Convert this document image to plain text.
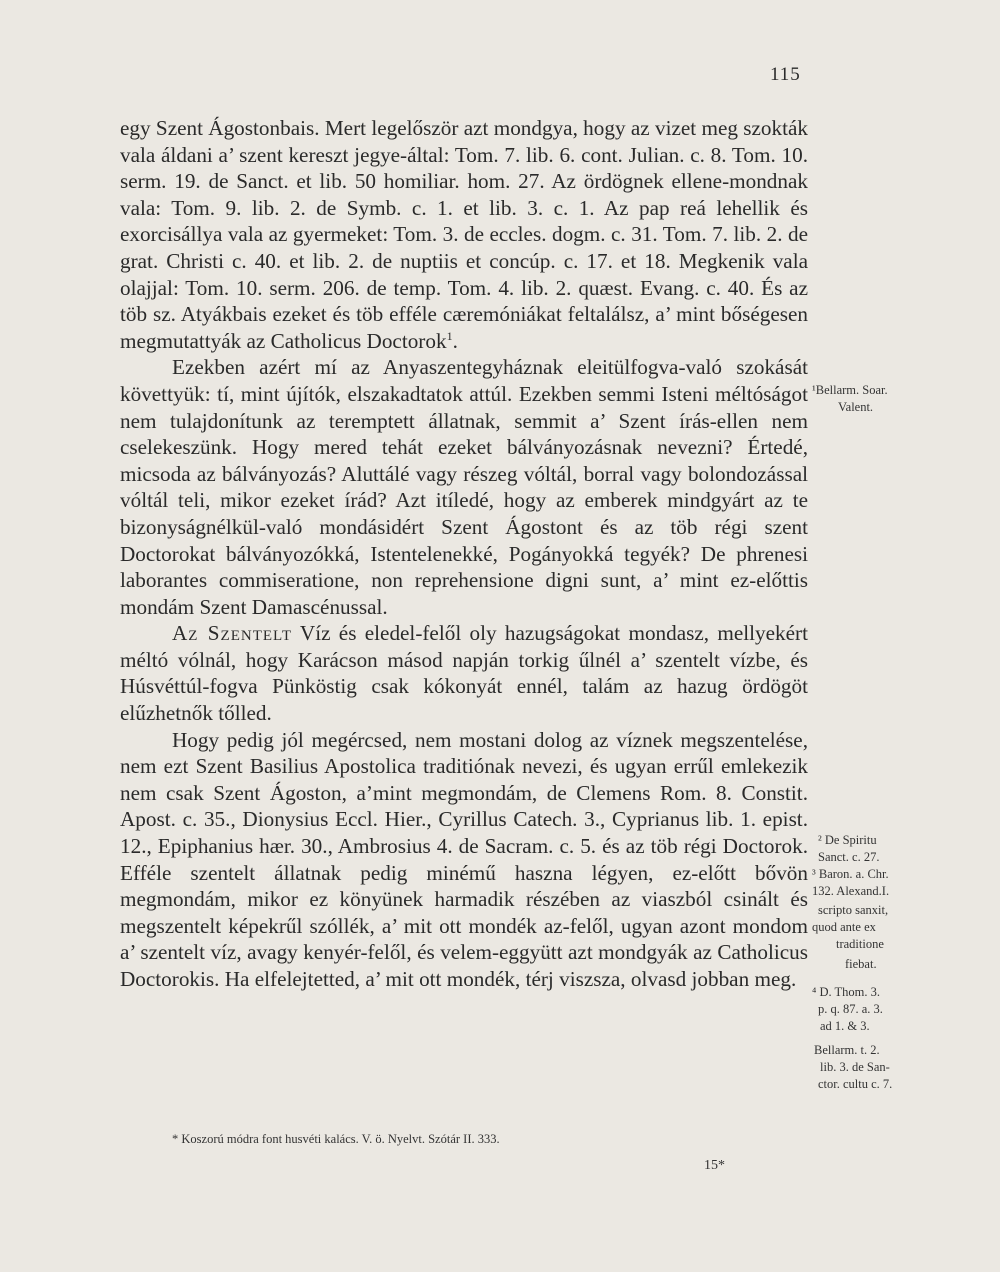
115

egy Szent Ágostonbais. Mert legelőször azt mondgya, hogy az vizet meg szokták vala áldani a’ szent kereszt jegye-által: Tom. 7. lib. 6. cont. Julian. c. 8. Tom. 10. serm. 19. de Sanct. et lib. 50 homiliar. hom. 27. Az ördögnek ellene-mondnak vala: Tom. 9. lib. 2. de Symb. c. 1. et lib. 3. c. 1. Az pap reá lehellik és exorcisállya vala az gyermeket: Tom. 3. de eccles. dogm. c. 31. Tom. 7. lib. 2. de grat. Christi c. 40. et lib. 2. de nuptiis et concúp. c. 17. et 18. Megkenik vala olajjal: Tom. 10. serm. 206. de temp. Tom. 4. lib. 2. quæst. Evang. c. 40. És az töb sz. Atyákbais ezeket és töb efféle cæremóniákat feltalálsz, a’ mint bőségesen megmutattyák az Catholicus Doctorok$^1$.

Ezekben azért mí az Anyaszentegyháznak eleitülfogva-való szokását követtyük: tí, mint újítók, elszakadtatok attúl. Ezekben semmi Isteni méltóságot nem tulajdonítunk az teremptett állatnak, semmit a’ Szent írás-ellen nem cselekeszünk. Hogy mered tehát ezeket bálványozásnak nevezni? Értedé, micsoda az bálványozás? Aluttálé vagy részeg vóltál, borral vagy bolondozással vóltál teli, mikor ezeket írád? Azt itíledé, hogy az emberek mindgyárt az te bizonyságnélkül-való mondásidért Szent Ágostont és az töb régi szent Doctorokat bálványozókká, Istentelenekké, Pogányokká tegyék? De phrenesi laborantes commiseratione, non reprehensione digni sunt, a’ mint ez-előttis mondám Szent Damascénussal.

Az Szentelt Víz és eledel-felől oly hazugságokat mondasz, mellyekért méltó vólnál, hogy Karácson másod napján torkig űlnél a’ szentelt vízbe, és Húsvéttúl-fogva Pünköstig csak kókonyát ennél, talám az hazug ördögöt elűzhetnők tőlled.

Hogy pedig jól megércsed, nem mostani dolog az víznek megszentelése, nem ezt Szent Basilius Apostolica traditiónak nevezi, és ugyan errűl emlekezik nem csak Szent Ágoston, a’mint megmondám, de Clemens Rom. 8. Constit. Apost. c. 35., Dionysius Eccl. Hier., Cyrillus Catech. 3., Cyprianus lib. 1. epist. 12., Epiphanius hær. 30., Ambrosius 4. de Sacram. c. 5. és az töb régi Doctorok. Efféle szentelt állatnak pedig minémű haszna légyen, ez-előtt bővön megmondám, mikor ez könyünek harmadik részében az viaszból csinált és megszentelt képekrűl szóllék, a’ mit ott mondék az-felől, ugyan azont mondom a’ szentelt víz, avagy kenyér-felől, és velem-eggyütt azt mondgyák az Catholicus Doctorokis. Ha elfelejtetted, a’ mit ott mondék, térj viszsza, olvasd jobban meg.

¹Bellarm. Soar.
Valent.
² De Spiritu
Sanct. c. 27.
³ Baron. a. Chr.
132. Alexand.I.
scripto sanxit,
quod ante ex
traditione
fiebat.
⁴ D. Thom. 3.
p. q. 87. a. 3.
ad 1. & 3.
Bellarm. t. 2.
lib. 3. de San-
ctor. cultu c. 7.
* Koszorú módra font husvéti kalács. V. ö. Nyelvt. Szótár II. 333.
15*
